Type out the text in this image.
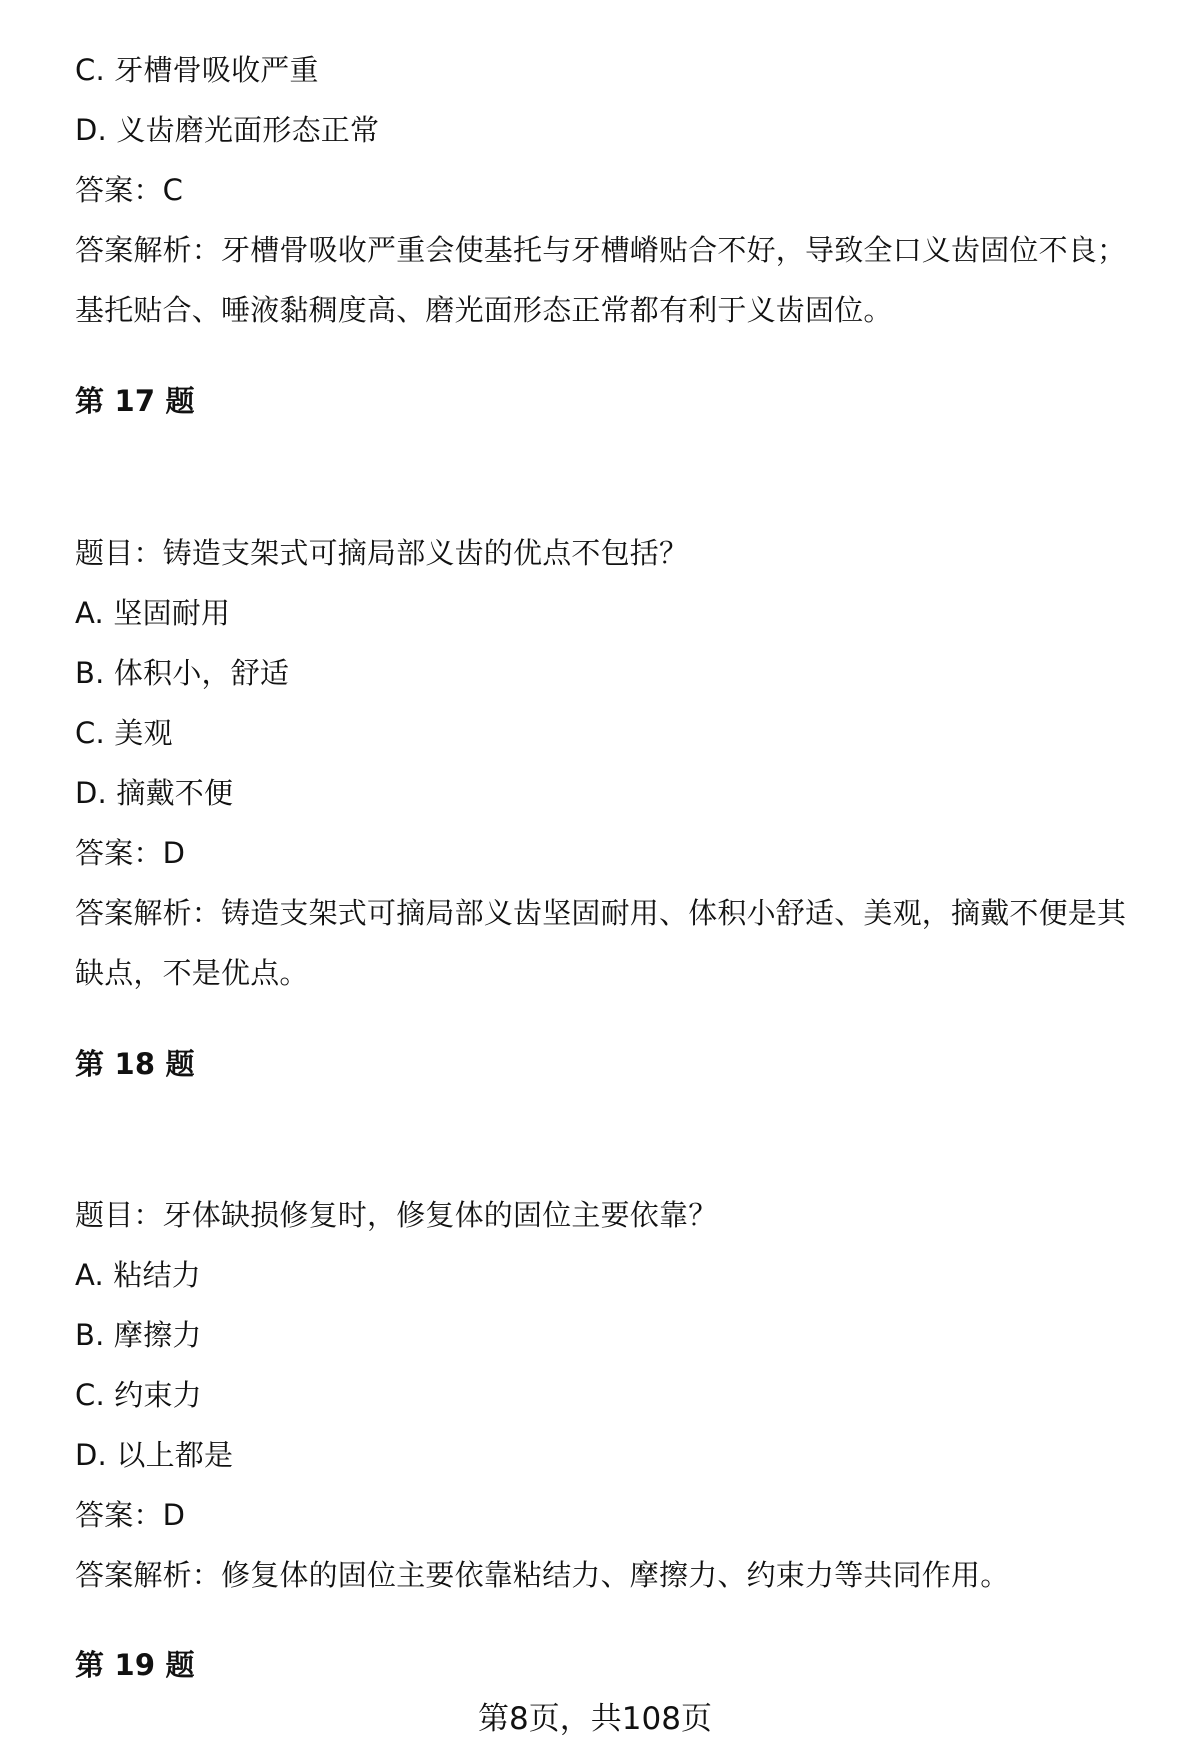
C. 牙槽骨吸收严重
D. 义齿磨光面形态正常
答案：C
答案解析：牙槽骨吸收严重会使基托与牙槽嵴贴合不好，导致全口义齿固位不良；
基托贴合、唾液黏稠度高、磨光面形态正常都有利于义齿固位。
第 17 题
题目：铸造支架式可摘局部义齿的优点不包括？
A. 坚固耐用
B. 体积小，舒适
C. 美观
D. 摘戴不便
答案：D
答案解析：铸造支架式可摘局部义齿坚固耐用、体积小舒适、美观，摘戴不便是其
缺点，不是优点。
第 18 题
题目：牙体缺损修复时，修复体的固位主要依靠？
A. 粘结力
B. 摩擦力
C. 约束力
D. 以上都是
答案：D
答案解析：修复体的固位主要依靠粘结力、摩擦力、约束力等共同作用。
第 19 题
第8页，共108页
